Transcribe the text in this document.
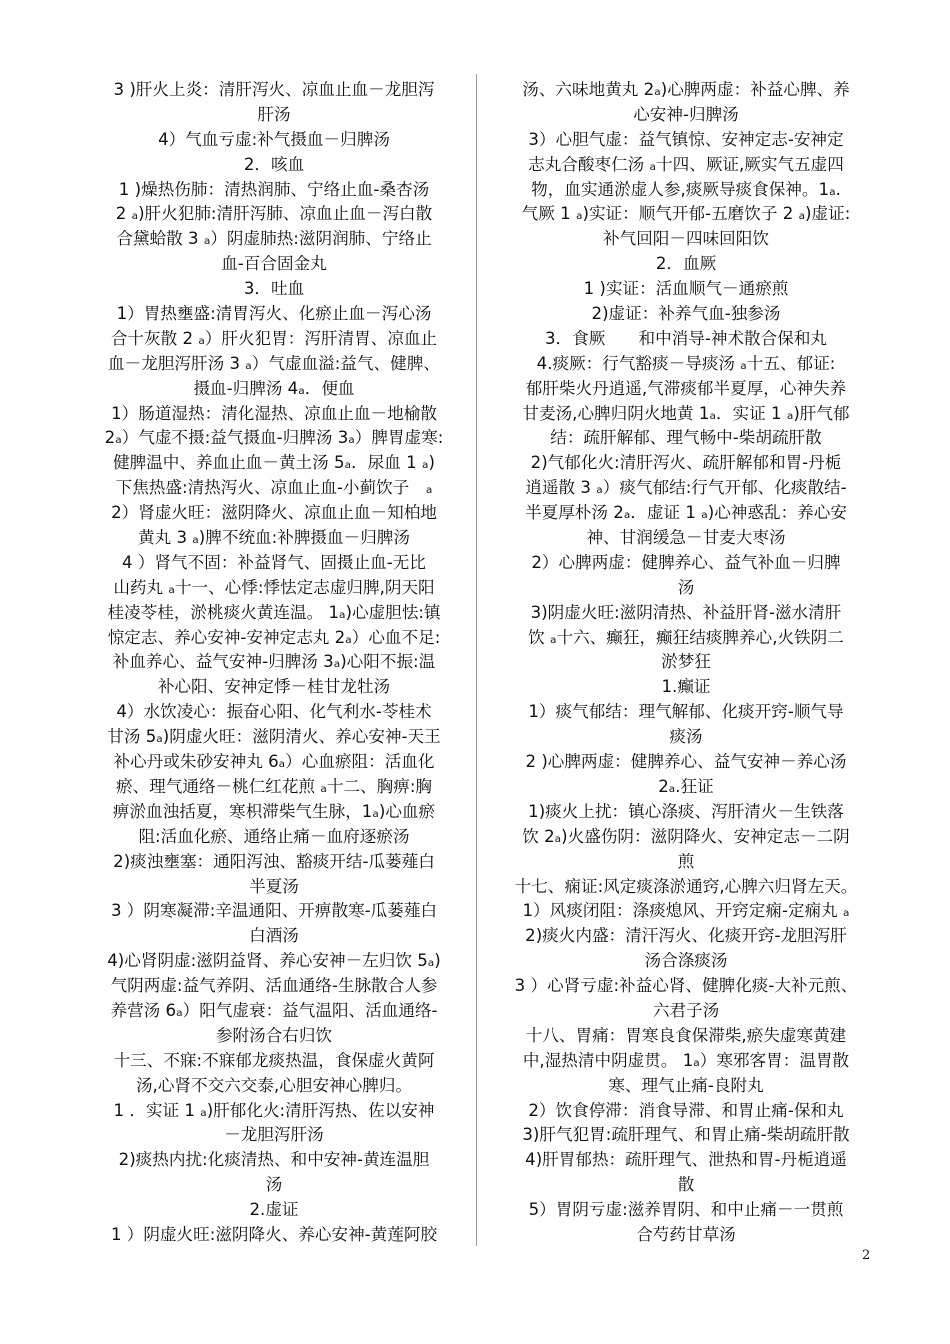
3 )肝火上炎：清肝泻火、凉血止血－龙胆泻
肝汤
4）气血亏虚:补气摄血－归脾汤
2．咳血
1 )燥热伤肺：清热润肺、宁络止血-桑杏汤
2 ₐ)肝火犯肺:清肝泻肺、凉血止血－泻白散
合黛蛤散 3 ₐ）阴虚肺热:滋阴润肺、宁络止
血-百合固金丸
3．吐血
1）胃热壅盛:清胃泻火、化瘀止血－泻心汤
合十灰散 2 ₐ）肝火犯胃：泻肝清胃、凉血止
血－龙胆泻肝汤 3 ₐ）气虚血溢:益气、健脾、
摄血-归脾汤 4ₐ．便血
1）肠道湿热：清化湿热、凉血止血－地榆散
2ₐ）气虚不摄:益气摄血-归脾汤 3ₐ）脾胃虚寒:
健脾温中、养血止血－黄土汤 5ₐ．尿血 1 ₐ)
下焦热盛:清热泻火、凉血止血-小蓟饮子　ₐ
2）肾虚火旺：滋阴降火、凉血止血－知柏地
黄丸 3 ₐ)脾不统血:补脾摄血－归脾汤
4 ）肾气不固：补益肾气、固摄止血-无比
山药丸 ₐ十一、心悸:悸怯定志虚归脾,阴天阳
桂凌苓桂，淤桃痰火黄连温。 1ₐ)心虚胆怯:镇
惊定志、养心安神-安神定志丸 2ₐ）心血不足:
补血养心、益气安神-归脾汤 3ₐ)心阳不振:温
补心阳、安神定悸－桂甘龙牡汤
4）水饮凌心：振奋心阳、化气利水-苓桂术
甘汤 5ₐ)阴虚火旺：滋阴清火、养心安神-天王
补心丹或朱砂安神丸 6ₐ）心血瘀阻：活血化
瘀、理气通络－桃仁红花煎 ₐ十二、胸痹:胸
痹淤血浊括夏，寒枳滞柴气生脉，1ₐ)心血瘀
阻:活血化瘀、通络止痛－血府逐瘀汤
2)痰浊壅塞：通阳泻浊、豁痰开结-瓜蒌薤白
半夏汤
3 ）阴寒凝滞:辛温通阳、开痹散寒-瓜蒌薤白
白酒汤
4)心肾阴虚:滋阴益肾、养心安神－左归饮 5ₐ)
气阴两虚:益气养阴、活血通络-生脉散合人参
养营汤 6ₐ）阳气虚衰：益气温阳、活血通络-
参附汤合右归饮
十三、不寐:不寐郁龙痰热温，食保虚火黄阿
汤,心肾不交六交泰,心胆安神心脾归。
1 ．实证 1 ₐ)肝郁化火:清肝泻热、佐以安神
－龙胆泻肝汤
2)痰热内扰:化痰清热、和中安神-黄连温胆
汤
2.虚证
1 ）阴虚火旺:滋阴降火、养心安神-黄莲阿胶
汤、六味地黄丸 2ₐ)心脾两虚：补益心脾、养
心安神-归脾汤
3）心胆气虚：益气镇惊、安神定志-安神定
志丸合酸枣仁汤 ₐ十四、厥证,厥实气五虚四
物，血实通淤虚人参,痰厥导痰食保神。1ₐ.
气厥 1 ₐ)实证：顺气开郁-五磨饮子 2 ₐ)虚证:
补气回阳－四味回阳饮
2．血厥
1 )实证：活血顺气－通瘀煎
2)虚证：补养气血-独参汤
3．食厥　　和中消导-神术散合保和丸
4.痰厥：行气豁痰－导痰汤 ₐ十五、郁证:
郁肝柴火丹逍遥,气滞痰郁半夏厚，心神失养
甘麦汤,心脾归阴火地黄 1ₐ．实证 1 ₐ)肝气郁
结：疏肝解郁、理气畅中-柴胡疏肝散
2)气郁化火:清肝泻火、疏肝解郁和胃-丹栀
逍遥散 3 ₐ）痰气郁结:行气开郁、化痰散结-
半夏厚朴汤 2ₐ．虚证 1 ₐ)心神惑乱：养心安
神、甘润缓急－甘麦大枣汤
2）心脾两虚：健脾养心、益气补血－归脾
汤
3)阴虚火旺:滋阴清热、补益肝肾-滋水清肝
饮 ₐ十六、癫狂，癫狂结痰脾养心,火铁阴二
淤梦狂
1.癫证
1）痰气郁结：理气解郁、化痰开窍-顺气导
痰汤
2 )心脾两虚：健脾养心、益气安神－养心汤
2ₐ.狂证
1)痰火上扰：镇心涤痰、泻肝清火－生铁落
饮 2ₐ)火盛伤阴：滋阴降火、安神定志－二阴
煎
十七、痫证:风定痰涤淤通窍,心脾六归肾左天。
1）风痰闭阻：涤痰熄风、开窍定痫-定痫丸 ₐ
2)痰火内盛：清汗泻火、化痰开窍-龙胆泻肝
汤合涤痰汤
3 ）心肾亏虚:补益心肾、健脾化痰-大补元煎、
六君子汤
十八、胃痛：胃寒良食保滞柴,瘀失虚寒黄建
中,湿热清中阴虚贯。 1ₐ）寒邪客胃：温胃散
寒、理气止痛-良附丸
2）饮食停滞：消食导滞、和胃止痛-保和丸
3)肝气犯胃:疏肝理气、和胃止痛-柴胡疏肝散
4)肝胃郁热：疏肝理气、泄热和胃-丹栀逍遥
散
5）胃阴亏虚:滋养胃阴、和中止痛－一贯煎
合芍药甘草汤
2
